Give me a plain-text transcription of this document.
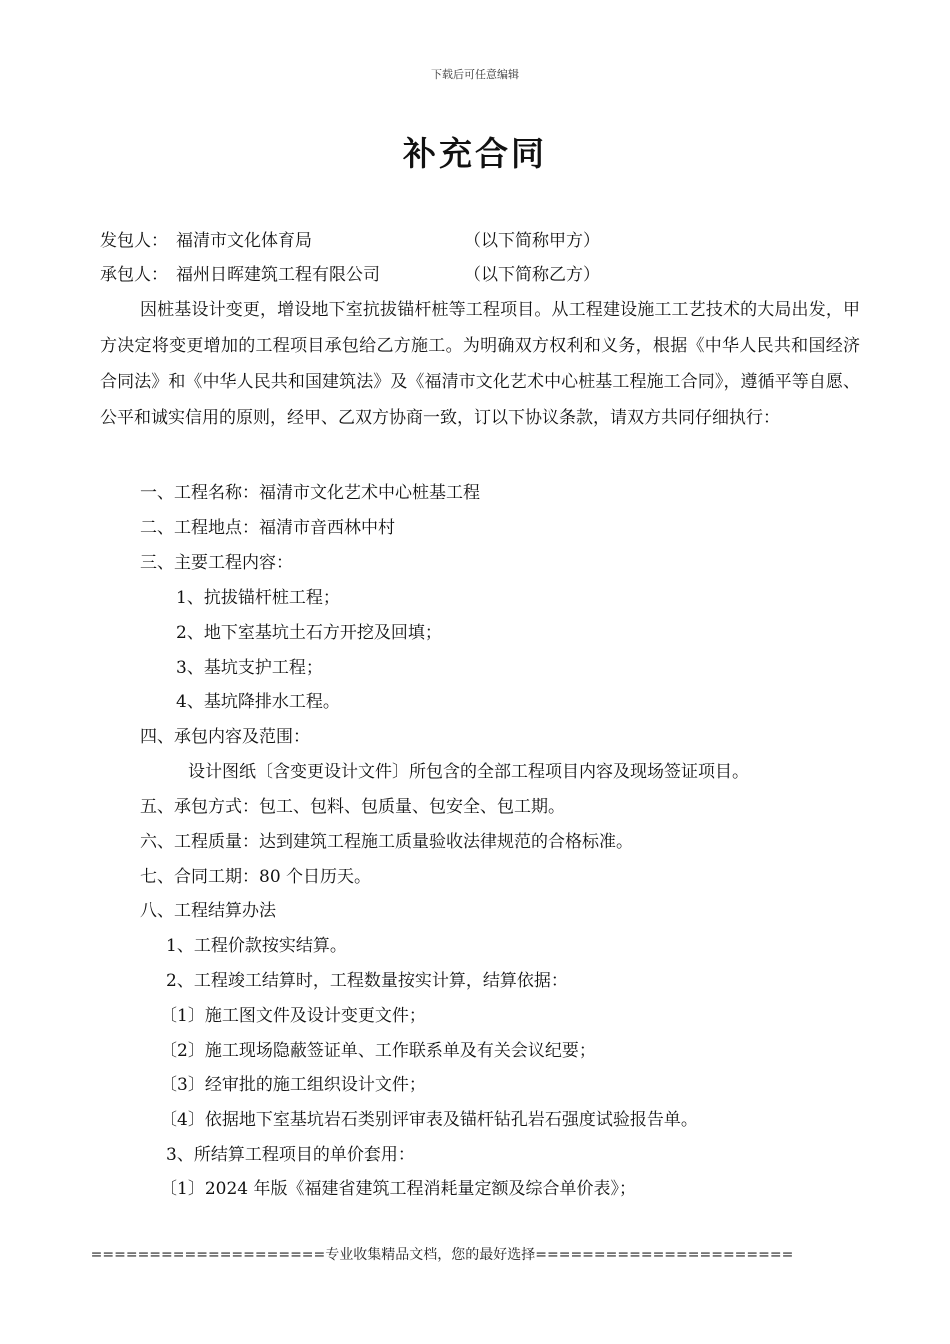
下载后可任意编辑
补充合同
发包人： 福清市文化体育局	（以下简称甲方）
承包人： 福州日晖建筑工程有限公司	（以下简称乙方）
因桩基设计变更，增设地下室抗拔锚杆桩等工程项目。从工程建设施工工艺技术的大局出发，甲方决定将变更增加的工程项目承包给乙方施工。为明确双方权利和义务，根据《中华人民共和国经济合同法》和《中华人民共和国建筑法》及《福清市文化艺术中心桩基工程施工合同》，遵循平等自愿、公平和诚实信用的原则，经甲、乙双方协商一致，订以下协议条款，请双方共同仔细执行：
一、工程名称：福清市文化艺术中心桩基工程
二、工程地点：福清市音西林中村
三、主要工程内容：
1、抗拔锚杆桩工程；
2、地下室基坑土石方开挖及回填；
3、基坑支护工程；
4、基坑降排水工程。
四、承包内容及范围：
设计图纸〔含变更设计文件〕所包含的全部工程项目内容及现场签证项目。
五、承包方式：包工、包料、包质量、包安全、包工期。
六、工程质量：达到建筑工程施工质量验收法律规范的合格标准。
七、合同工期：80 个日历天。
八、工程结算办法
1、工程价款按实结算。
2、工程竣工结算时，工程数量按实计算，结算依据：
〔1〕施工图文件及设计变更文件；
〔2〕施工现场隐蔽签证单、工作联系单及有关会议纪要；
〔3〕经审批的施工组织设计文件；
〔4〕依据地下室基坑岩石类别评审表及锚杆钻孔岩石强度试验报告单。
3、所结算工程项目的单价套用：
〔1〕2024 年版《福建省建筑工程消耗量定额及综合单价表》；
====================专业收集精品文档，您的最好选择======================
